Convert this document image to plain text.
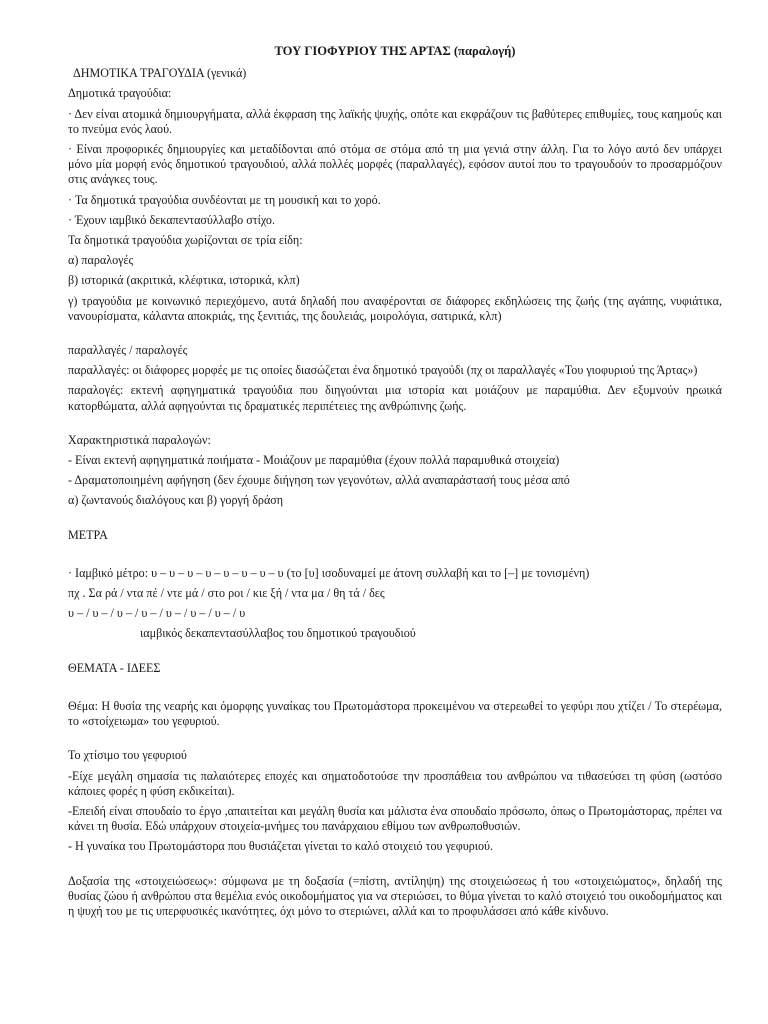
ΤΟΥ ΓΙΟΦΥΡΙΟΥ ΤΗΣ ΑΡΤΑΣ (παραλογή)
ΔΗΜΟΤΙΚΑ ΤΡΑΓΟΥΔΙΑ (γενικά)
Δημοτικά τραγούδια:
· Δεν είναι ατομικά δημιουργήματα, αλλά έκφραση της λαϊκής ψυχής, οπότε και εκφράζουν τις βαθύτερες επιθυμίες, τους καημούς και το πνεύμα ενός λαού.
· Είναι προφορικές δημιουργίες και μεταδίδονται από στόμα σε στόμα από τη μια γενιά στην άλλη. Για το λόγο αυτό δεν υπάρχει μόνο μία μορφή ενός δημοτικού τραγουδιού, αλλά πολλές μορφές (παραλλαγές), εφόσον αυτοί που το τραγουδούν το προσαρμόζουν στις ανάγκες τους.
· Τα δημοτικά τραγούδια συνδέονται με τη μουσική και το χορό.
· Έχουν ιαμβικό δεκαπεντασύλλαβο στίχο.
Τα δημοτικά τραγούδια χωρίζονται σε τρία είδη:
α) παραλογές
β) ιστορικά (ακριτικά, κλέφτικα, ιστορικά, κλπ)
γ) τραγούδια με κοινωνικό περιεχόμενο, αυτά δηλαδή που αναφέρονται σε διάφορες εκδηλώσεις της ζωής (της αγάπης, νυφιάτικα, νανουρίσματα, κάλαντα αποκριάς, της ξενιτιάς, της δουλειάς, μοιρολόγια, σατιρικά, κλπ)
παραλλαγές / παραλογές
παραλλαγές: οι διάφορες μορφές με τις οποίες διασώζεται ένα δημοτικό τραγούδι (πχ οι παραλλαγές «Του γιοφυριού της Άρτας»)
παραλογές: εκτενή αφηγηματικά τραγούδια που διηγούνται μια ιστορία και μοιάζουν με παραμύθια. Δεν εξυμνούν ηρωικά κατορθώματα, αλλά αφηγούνται τις δραματικές περιπέτειες της ανθρώπινης ζωής.
Χαρακτηριστικά παραλογών:
- Είναι εκτενή αφηγηματικά ποιήματα - Μοιάζουν με παραμύθια (έχουν πολλά παραμυθικά στοιχεία)
- Δραματοποιημένη αφήγηση (δεν έχουμε διήγηση των γεγονότων, αλλά αναπαράστασή τους μέσα από
α) ζωντανούς διαλόγους και β) γοργή δράση
ΜΕΤΡΑ
· Ιαμβικό μέτρο: υ – υ – υ – υ – υ – υ – υ – υ (το [υ] ισοδυναμεί με άτονη συλλαβή και το [–] με τονισμένη)
πχ . Σα ρά / ντα πέ / ντε μά / στο ροι / κιε ξή / ντα μα / θη τά / δες
υ – / υ – / υ – / υ – / υ – / υ – / υ – / υ
ιαμβικός δεκαπεντασύλλαβος του δημοτικού τραγουδιού
ΘΕΜΑΤΑ - ΙΔΕΕΣ
Θέμα: Η θυσία της νεαρής και όμορφης γυναίκας του Πρωτομάστορα προκειμένου να στερεωθεί το γεφύρι που χτίζει / Το στερέωμα, το «στοίχειωμα» του γεφυριού.
Το χτίσιμο του γεφυριού
-Είχε μεγάλη σημασία τις παλαιότερες εποχές και σηματοδοτούσε την προσπάθεια του ανθρώπου να τιθασεύσει τη φύση (ωστόσο κάποιες φορές η φύση εκδικείται).
-Επειδή είναι σπουδαίο το έργο ,απαιτείται και μεγάλη θυσία και μάλιστα ένα σπουδαίο πρόσωπο, όπως ο Πρωτομάστορας, πρέπει να κάνει τη θυσία. Εδώ υπάρχουν στοιχεία-μνήμες του πανάρχαιου εθίμου των ανθρωποθυσιών.
- Η γυναίκα του Πρωτομάστορα που θυσιάζεται γίνεται το καλό στοιχειό του γεφυριού.
Δοξασία της «στοιχειώσεως»: σύμφωνα με τη δοξασία (=πίστη, αντίληψη) της στοιχειώσεως ή του «στοιχειώματος», δηλαδή της θυσίας ζώου ή ανθρώπου στα θεμέλια ενός οικοδομήματος για να στεριώσει, το θύμα γίνεται το καλό στοιχειό του οικοδομήματος και η ψυχή του με τις υπερφυσικές ικανότητες, όχι μόνο το στεριώνει, αλλά και το προφυλάσσει από κάθε κίνδυνο.
